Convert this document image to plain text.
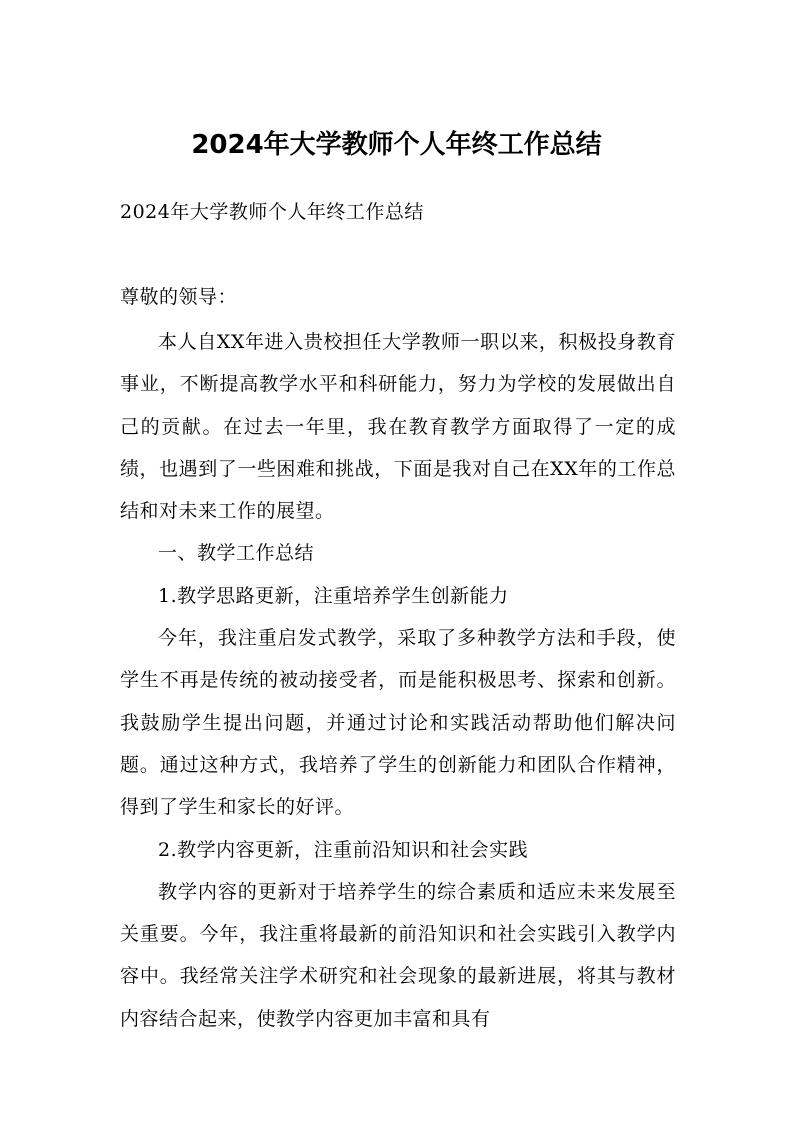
2024年大学教师个人年终工作总结
2024年大学教师个人年终工作总结
尊敬的领导：

本人自XX年进入贵校担任大学教师一职以来，积极投身教育事业，不断提高教学水平和科研能力，努力为学校的发展做出自己的贡献。在过去一年里，我在教育教学方面取得了一定的成绩，也遇到了一些困难和挑战，下面是我对自己在XX年的工作总结和对未来工作的展望。

一、教学工作总结

1.教学思路更新，注重培养学生创新能力

今年，我注重启发式教学，采取了多种教学方法和手段，使学生不再是传统的被动接受者，而是能积极思考、探索和创新。我鼓励学生提出问题，并通过讨论和实践活动帮助他们解决问题。通过这种方式，我培养了学生的创新能力和团队合作精神，得到了学生和家长的好评。

2.教学内容更新，注重前沿知识和社会实践

教学内容的更新对于培养学生的综合素质和适应未来发展至关重要。今年，我注重将最新的前沿知识和社会实践引入教学内容中。我经常关注学术研究和社会现象的最新进展，将其与教材内容结合起来，使教学内容更加丰富和具有
